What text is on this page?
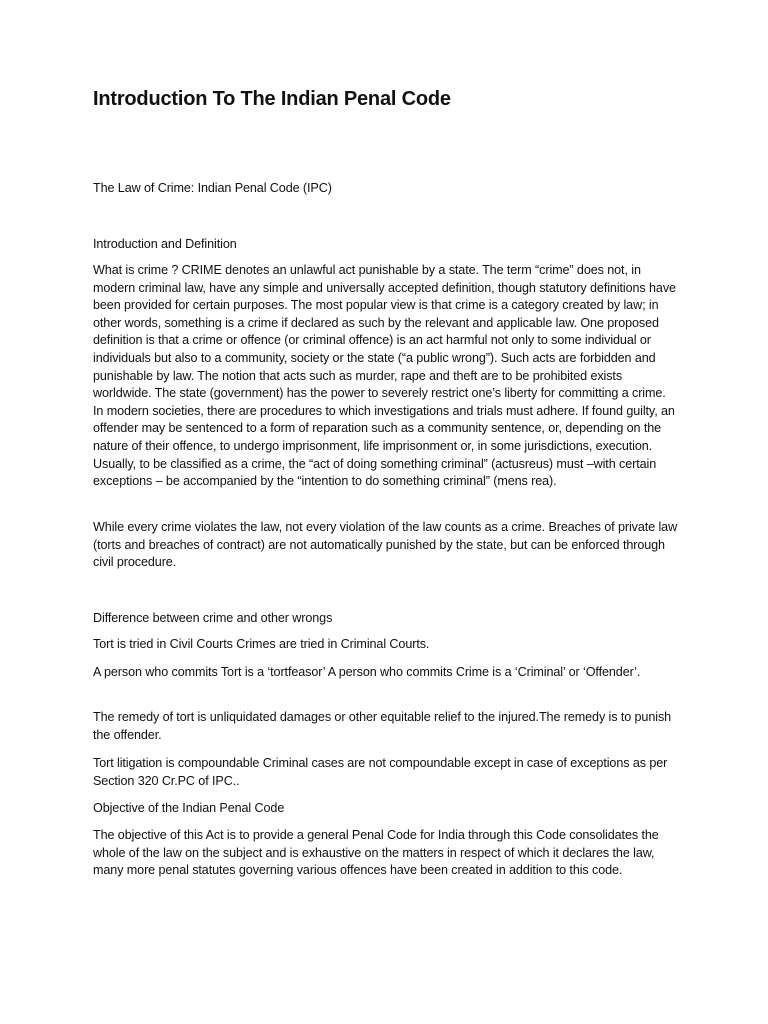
Introduction To The Indian Penal Code
The Law of Crime: Indian Penal Code (IPC)
Introduction and Definition
What is crime ? CRIME denotes an unlawful act punishable by a state. The term “crime” does not, in modern criminal law, have any simple and universally accepted definition, though statutory definitions have been provided for certain purposes. The most popular view is that crime is a category created by law; in other words, something is a crime if declared as such by the relevant and applicable law. One proposed definition is that a crime or offence (or criminal offence) is an act harmful not only to some individual or individuals but also to a community, society or the state (“a public wrong”). Such acts are forbidden and punishable by law. The notion that acts such as murder, rape and theft are to be prohibited exists worldwide. The state (government) has the power to severely restrict one’s liberty for committing a crime. In modern societies, there are procedures to which investigations and trials must adhere. If found guilty, an offender may be sentenced to a form of reparation such as a community sentence, or, depending on the nature of their offence, to undergo imprisonment, life imprisonment or, in some jurisdictions, execution. Usually, to be classified as a crime, the “act of doing something criminal” (actusreus) must –with certain exceptions – be accompanied by the “intention to do something criminal” (mens rea).
While every crime violates the law, not every violation of the law counts as a crime. Breaches of private law (torts and breaches of contract) are not automatically punished by the state, but can be enforced through civil procedure.
Difference between crime and other wrongs
Tort is tried in Civil Courts Crimes are tried in Criminal Courts.
A person who commits Tort is a ‘tortfeasor’ A person who commits Crime is a ‘Criminal’ or ‘Offender’.
The remedy of tort is unliquidated damages or other equitable relief to the injured.The remedy is to punish the offender.
Tort litigation is compoundable Criminal cases are not compoundable except in case of exceptions as per Section 320 Cr.PC of IPC..
Objective of the Indian Penal Code
The objective of this Act is to provide a general Penal Code for India through this Code consolidates the whole of the law on the subject and is exhaustive on the matters in respect of which it declares the law, many more penal statutes governing various offences have been created in addition to this code.
